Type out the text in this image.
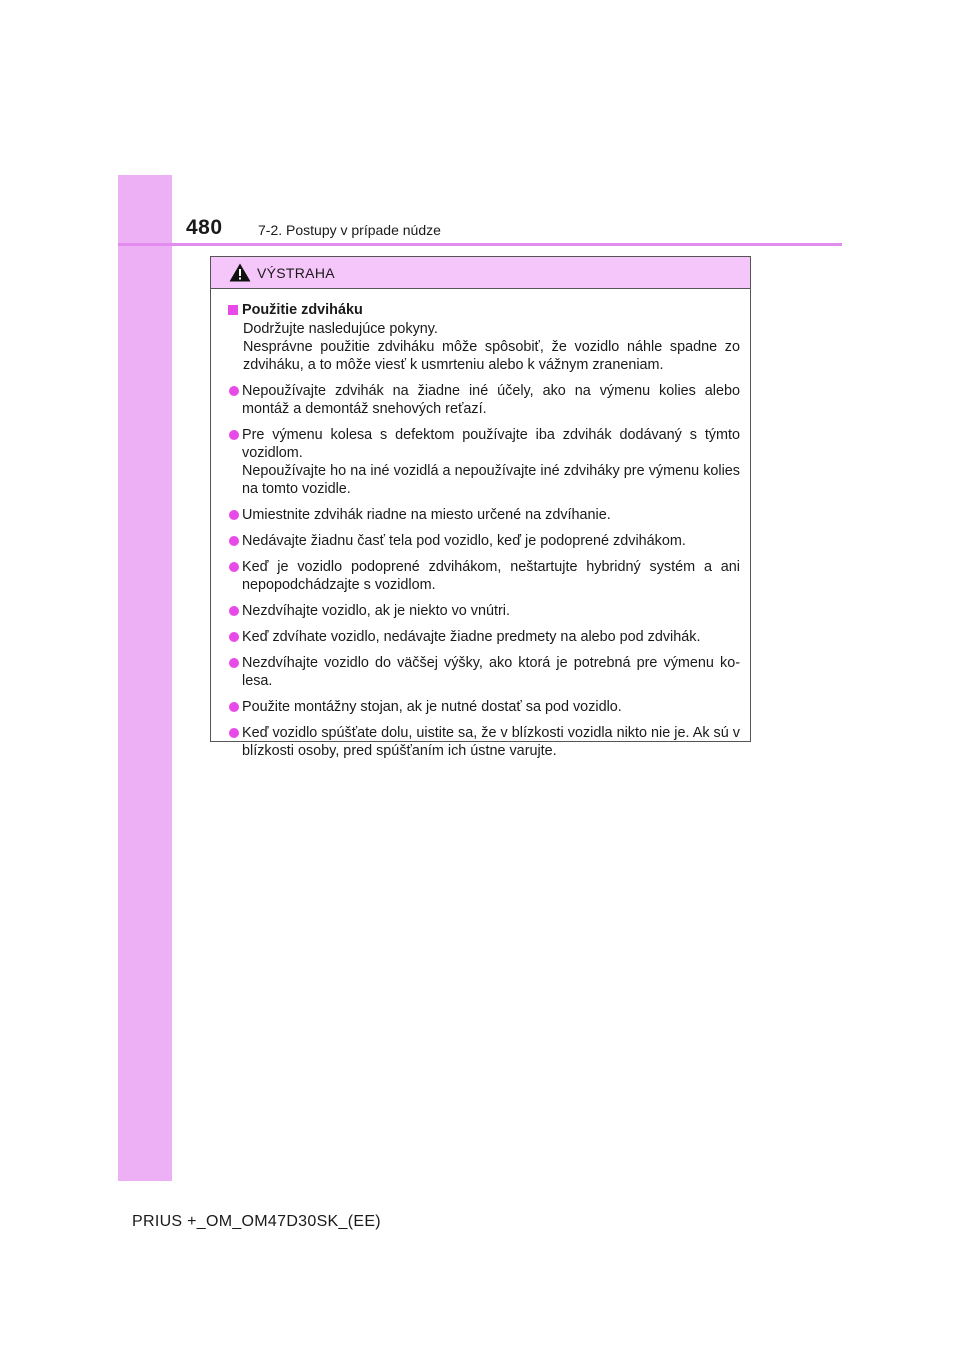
480	7-2. Postupy v prípade núdze
VÝSTRAHA
Použitie zdviháku

Dodržujte nasledujúce pokyny.

Nesprávne použitie zdviháku môže spôsobiť, že vozidlo náhle spadne zo zdviháku, a to môže viesť k usmrteniu alebo k vážnym zraneniam.

Nepoužívajte zdvihák na žiadne iné účely, ako na výmenu kolies alebo montáž a demontáž snehových reťazí.

Pre výmenu kolesa s defektom používajte iba zdvihák dodávaný s týmto vozidlom.

Nepoužívajte ho na iné vozidlá a nepoužívajte iné zdviháky pre výmenu kolies na tomto vozidle.

Umiestnite zdvihák riadne na miesto určené na zdvíhanie.

Nedávajte žiadnu časť tela pod vozidlo, keď je podoprené zdvihákom.

Keď je vozidlo podoprené zdvihákom, neštartujte hybridný systém a ani nepopodchádzajte s vozidlom.

Nezdvíhajte vozidlo, ak je niekto vo vnútri.

Keď zdvíhate vozidlo, nedávajte žiadne predmety na alebo pod zdvihák.

Nezdvíhajte vozidlo do väčšej výšky, ako ktorá je potrebná pre výmenu ko-lesa.

Použite montážny stojan, ak je nutné dostať sa pod vozidlo.

Keď vozidlo spúšťate dolu, uistite sa, že v blízkosti vozidla nikto nie je. Ak sú v blízkosti osoby, pred spúšťaním ich ústne varujte.

PRIUS +_OM_OM47D30SK_(EE)
